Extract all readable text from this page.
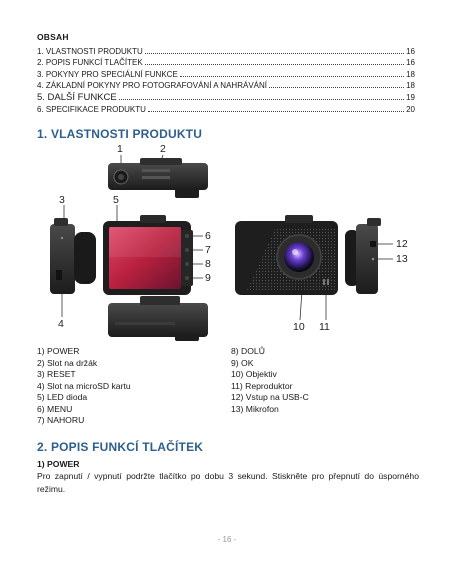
OBSAH
1. VLASTNOSTI PRODUKTU	16
2. POPIS FUNKCÍ TLAČÍTEK	16
3. POKYNY PRO SPECIÁLNÍ FUNKCE	18
4. ZÁKLADNÍ POKYNY PRO FOTOGRAFOVÁNÍ A NAHRÁVÁNÍ	18
5. DALŠÍ FUNKCE	19
6. SPECIFIKACE PRODUKTU	20
1. VLASTNOSTI PRODUKTU
1	2
3	5
6
7
8
9
12
13
4	10 11
1) POWER
2) Slot na držák
3) RESET
4) Slot na microSD kartu
5) LED dioda
6) MENU
7) NAHORU
8) DOLŮ
9) OK
10) Objektiv
11) Reproduktor
12) Vstup na USB-C
13) Mikrofon
2. POPIS FUNKCÍ TLAČÍTEK
1) POWER
Pro zapnutí / vypnutí podržte tlačítko po dobu 3 sekund. Stiskněte pro přepnutí do úsporného režimu.
- 16 -
